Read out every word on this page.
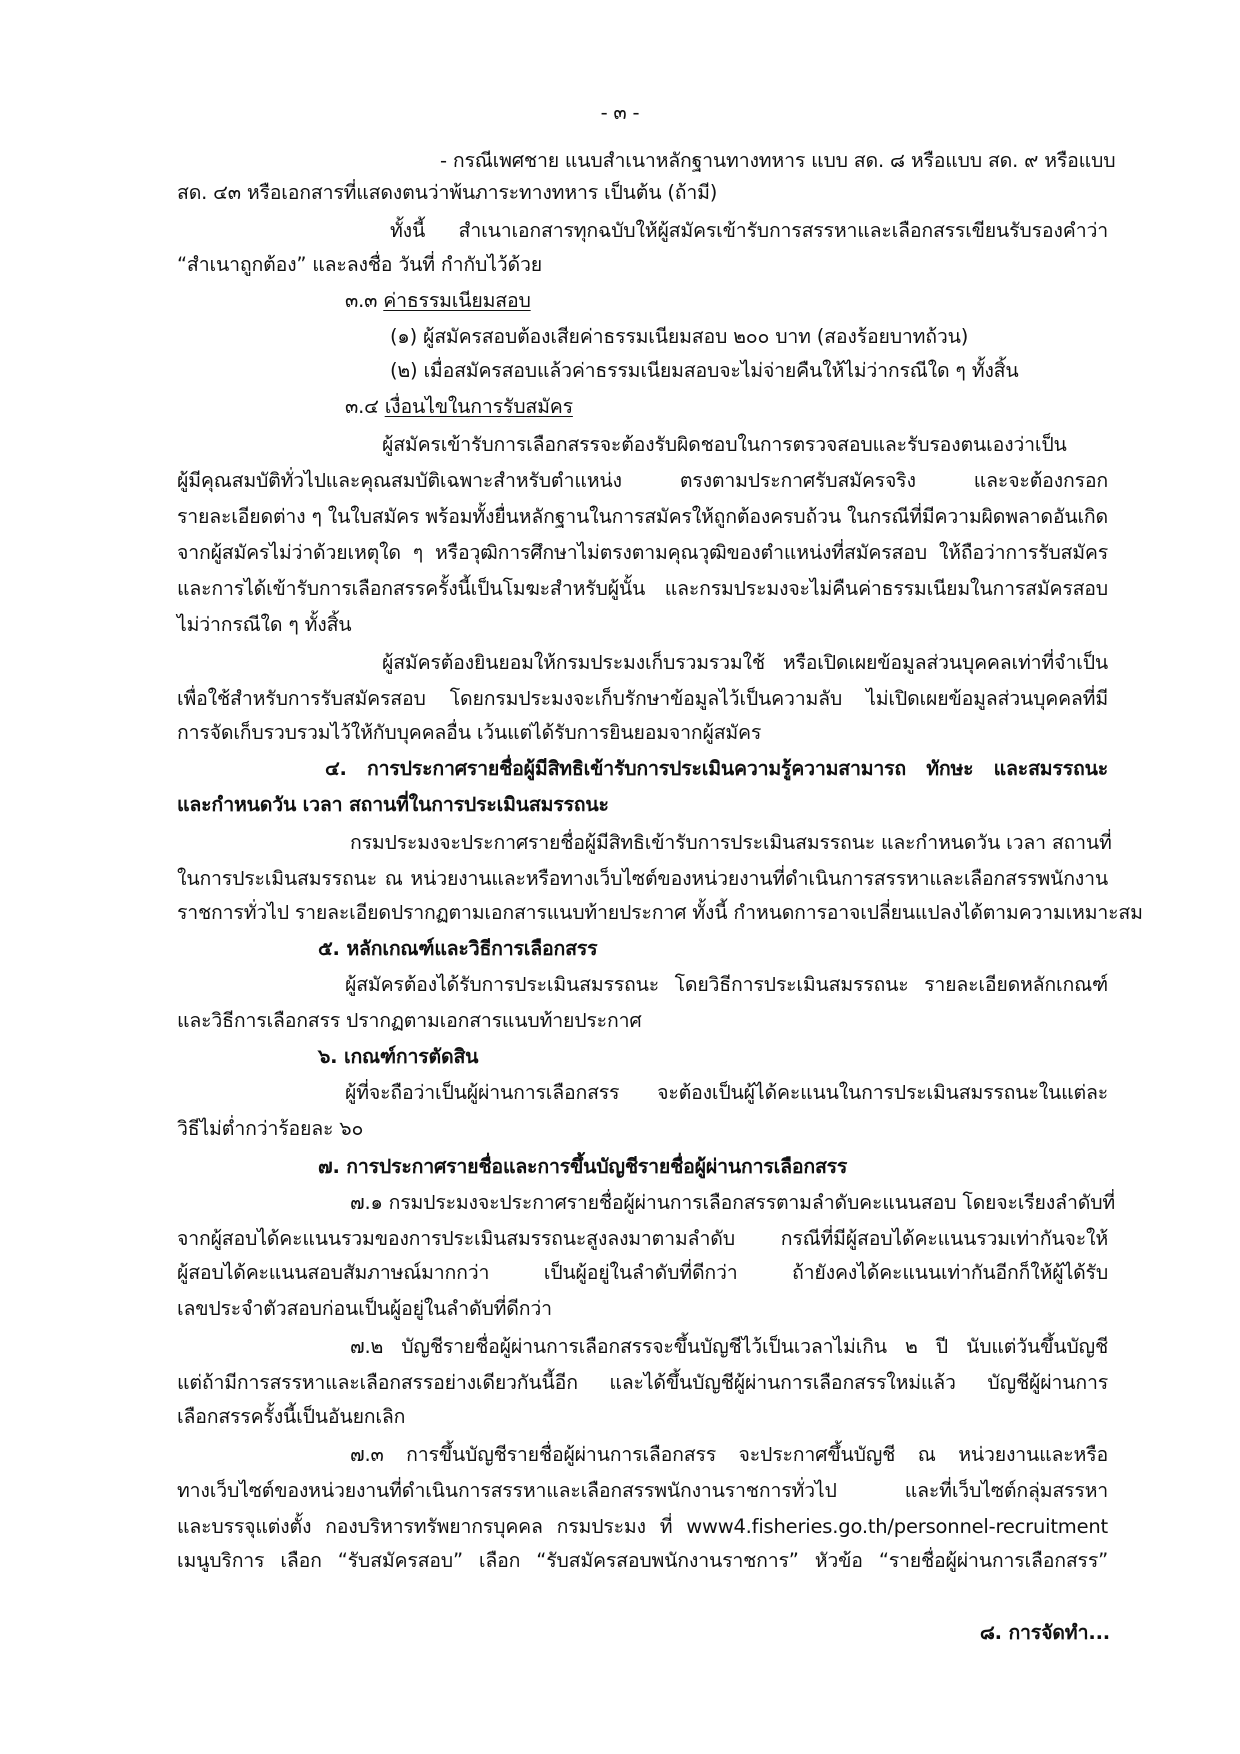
- ๓ -
- กรณีเพศชาย แนบสำเนาหลักฐานทางทหาร แบบ สด. ๘ หรือแบบ สด. ๙ หรือแบบ
สด. ๔๓ หรือเอกสารที่แสดงตนว่าพ้นภาระทางทหาร เป็นต้น (ถ้ามี)
ทั้งนี้ สำเนาเอกสารทุกฉบับให้ผู้สมัครเข้ารับการสรรหาและเลือกสรรเขียนรับรองคำว่า
“สำเนาถูกต้อง” และลงชื่อ วันที่ กำกับไว้ด้วย
๓.๓ ค่าธรรมเนียมสอบ
(๑) ผู้สมัครสอบต้องเสียค่าธรรมเนียมสอบ ๒๐๐ บาท (สองร้อยบาทถ้วน)
(๒) เมื่อสมัครสอบแล้วค่าธรรมเนียมสอบจะไม่จ่ายคืนให้ไม่ว่ากรณีใด ๆ ทั้งสิ้น
๓.๔ เงื่อนไขในการรับสมัคร
ผู้สมัครเข้ารับการเลือกสรรจะต้องรับผิดชอบในการตรวจสอบและรับรองตนเองว่าเป็น
ผู้มีคุณสมบัติทั่วไปและคุณสมบัติเฉพาะสำหรับตำแหน่ง ตรงตามประกาศรับสมัครจริง และจะต้องกรอก
รายละเอียดต่าง ๆ ในใบสมัคร พร้อมทั้งยื่นหลักฐานในการสมัครให้ถูกต้องครบถ้วน ในกรณีที่มีความผิดพลาดอันเกิด
จากผู้สมัครไม่ว่าด้วยเหตุใด ๆ หรือวุฒิการศึกษาไม่ตรงตามคุณวุฒิของตำแหน่งที่สมัครสอบ ให้ถือว่าการรับสมัคร
และการได้เข้ารับการเลือกสรรครั้งนี้เป็นโมฆะสำหรับผู้นั้น และกรมประมงจะไม่คืนค่าธรรมเนียมในการสมัครสอบ
ไม่ว่ากรณีใด ๆ ทั้งสิ้น
ผู้สมัครต้องยินยอมให้กรมประมงเก็บรวมรวมใช้ หรือเปิดเผยข้อมูลส่วนบุคคลเท่าที่จำเป็น
เพื่อใช้สำหรับการรับสมัครสอบ โดยกรมประมงจะเก็บรักษาข้อมูลไว้เป็นความลับ ไม่เปิดเผยข้อมูลส่วนบุคคลที่มี
การจัดเก็บรวบรวมไว้ให้กับบุคคลอื่น เว้นแต่ได้รับการยินยอมจากผู้สมัคร
๔. การประกาศรายชื่อผู้มีสิทธิเข้ารับการประเมินความรู้ความสามารถ ทักษะ และสมรรถนะ
และกำหนดวัน เวลา สถานที่ในการประเมินสมรรถนะ
กรมประมงจะประกาศรายชื่อผู้มีสิทธิเข้ารับการประเมินสมรรถนะ และกำหนดวัน เวลา สถานที่
ในการประเมินสมรรถนะ ณ หน่วยงานและหรือทางเว็บไซต์ของหน่วยงานที่ดำเนินการสรรหาและเลือกสรรพนักงาน
ราชการทั่วไป รายละเอียดปรากฏตามเอกสารแนบท้ายประกาศ ทั้งนี้ กำหนดการอาจเปลี่ยนแปลงได้ตามความเหมาะสม
๕. หลักเกณฑ์และวิธีการเลือกสรร
ผู้สมัครต้องได้รับการประเมินสมรรถนะ โดยวิธีการประเมินสมรรถนะ รายละเอียดหลักเกณฑ์
และวิธีการเลือกสรร ปรากฏตามเอกสารแนบท้ายประกาศ
๖. เกณฑ์การตัดสิน
ผู้ที่จะถือว่าเป็นผู้ผ่านการเลือกสรร จะต้องเป็นผู้ได้คะแนนในการประเมินสมรรถนะในแต่ละ
วิธีไม่ต่ำกว่าร้อยละ ๖๐
๗. การประกาศรายชื่อและการขึ้นบัญชีรายชื่อผู้ผ่านการเลือกสรร
๗.๑ กรมประมงจะประกาศรายชื่อผู้ผ่านการเลือกสรรตามลำดับคะแนนสอบ โดยจะเรียงลำดับที่
จากผู้สอบได้คะแนนรวมของการประเมินสมรรถนะสูงลงมาตามลำดับ กรณีที่มีผู้สอบได้คะแนนรวมเท่ากันจะให้
ผู้สอบได้คะแนนสอบสัมภาษณ์มากกว่า เป็นผู้อยู่ในลำดับที่ดีกว่า ถ้ายังคงได้คะแนนเท่ากันอีกก็ให้ผู้ได้รับ
เลขประจำตัวสอบก่อนเป็นผู้อยู่ในลำดับที่ดีกว่า
๗.๒ บัญชีรายชื่อผู้ผ่านการเลือกสรรจะขึ้นบัญชีไว้เป็นเวลาไม่เกิน ๒ ปี นับแต่วันขึ้นบัญชี
แต่ถ้ามีการสรรหาและเลือกสรรอย่างเดียวกันนี้อีก และได้ขึ้นบัญชีผู้ผ่านการเลือกสรรใหม่แล้ว บัญชีผู้ผ่านการ
เลือกสรรครั้งนี้เป็นอันยกเลิก
๗.๓ การขึ้นบัญชีรายชื่อผู้ผ่านการเลือกสรร จะประกาศขึ้นบัญชี ณ หน่วยงานและหรือ
ทางเว็บไซต์ของหน่วยงานที่ดำเนินการสรรหาและเลือกสรรพนักงานราชการทั่วไป และที่เว็บไซต์กลุ่มสรรหา
และบรรจุแต่งตั้ง กองบริหารทรัพยากรบุคคล กรมประมง ที่ www4.fisheries.go.th/personnel-recruitment
เมนูบริการ เลือก “รับสมัครสอบ” เลือก “รับสมัครสอบพนักงานราชการ” หัวข้อ “รายชื่อผู้ผ่านการเลือกสรร”
๘. การจัดทำ...
